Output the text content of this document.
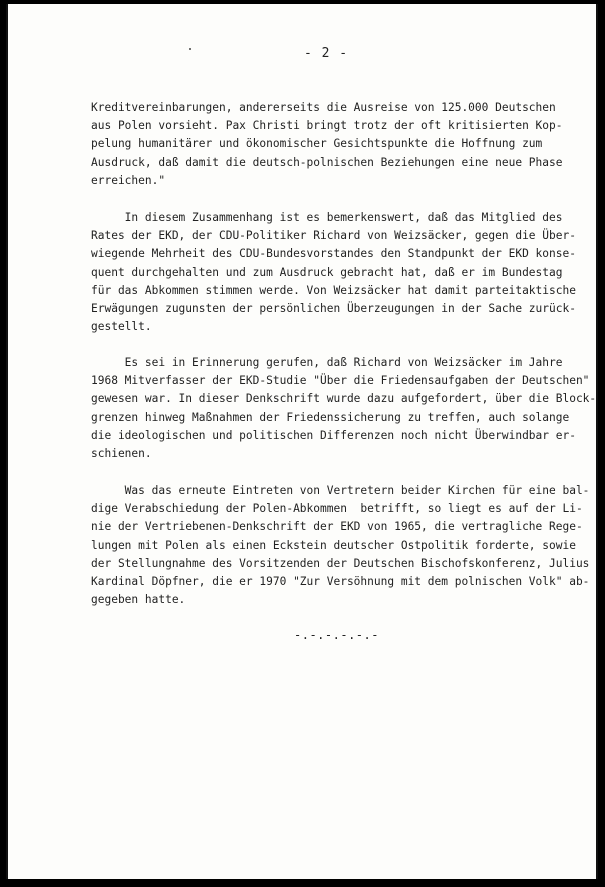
- 2 -
Kreditvereinbarungen, andererseits die Ausreise von 125.000 Deutschen
aus Polen vorsieht. Pax Christi bringt trotz der oft kritisierten Kop-
pelung humanitärer und ökonomischer Gesichtspunkte die Hoffnung zum
Ausdruck, daß damit die deutsch-polnischen Beziehungen eine neue Phase
erreichen."
In diesem Zusammenhang ist es bemerkenswert, daß das Mitglied des
Rates der EKD, der CDU-Politiker Richard von Weizsäcker, gegen die Über-
wiegende Mehrheit des CDU-Bundesvorstandes den Standpunkt der EKD konse-
quent durchgehalten und zum Ausdruck gebracht hat, daß er im Bundestag
für das Abkommen stimmen werde. Von Weizsäcker hat damit parteitaktische
Erwägungen zugunsten der persönlichen Überzeugungen in der Sache zurück-
gestellt.
Es sei in Erinnerung gerufen, daß Richard von Weizsäcker im Jahre
1968 Mitverfasser der EKD-Studie "Über die Friedensaufgaben der Deutschen"
gewesen war. In dieser Denkschrift wurde dazu aufgefordert, über die Block-
grenzen hinweg Maßnahmen der Friedenssicherung zu treffen, auch solange
die ideologischen und politischen Differenzen noch nicht Überwindbar er-
schienen.
Was das erneute Eintreten von Vertretern beider Kirchen für eine bal-
dige Verabschiedung der Polen-Abkommen  betrifft, so liegt es auf der Li-
nie der Vertriebenen-Denkschrift der EKD von 1965, die vertragliche Rege-
lungen mit Polen als einen Eckstein deutscher Ostpolitik forderte, sowie
der Stellungnahme des Vorsitzenden der Deutschen Bischofskonferenz, Julius
Kardinal Döpfner, die er 1970 "Zur Versöhnung mit dem polnischen Volk" ab-
gegeben hatte.
-.-.-.-.-.-
